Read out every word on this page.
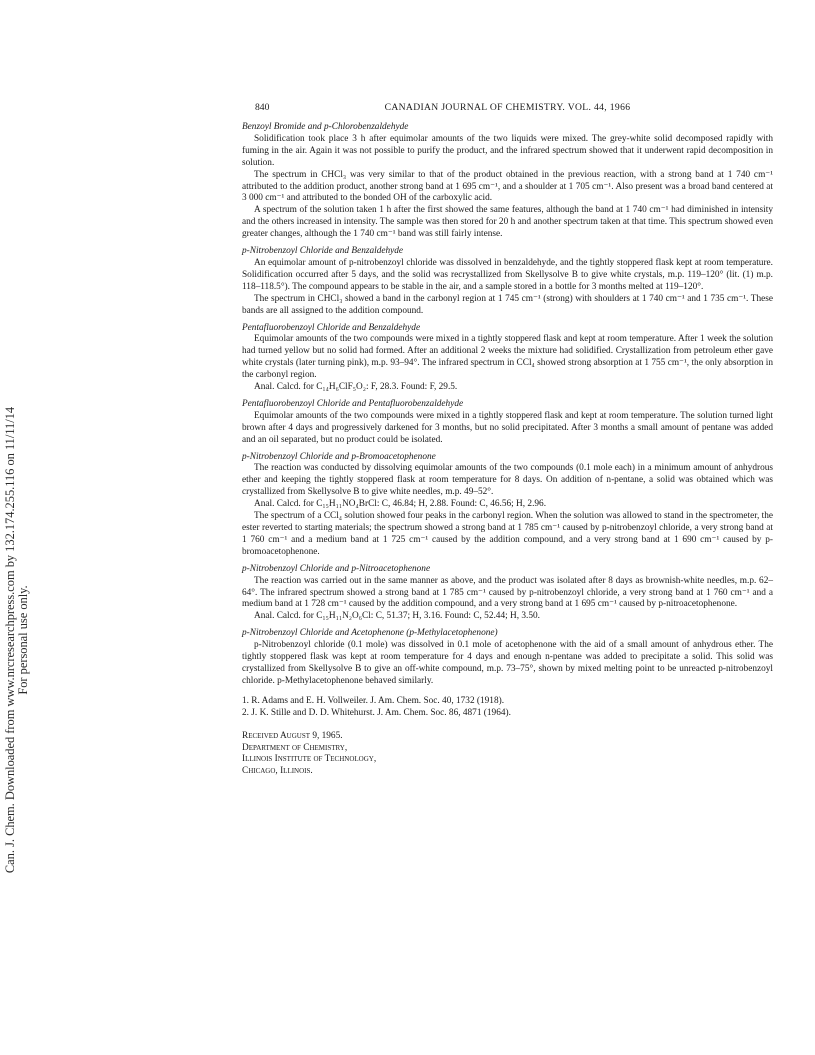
Can. J. Chem. Downloaded from www.nrcresearchpress.com by 132.174.255.116 on 11/11/14 For personal use only.
840	CANADIAN JOURNAL OF CHEMISTRY. VOL. 44, 1966
Benzoyl Bromide and p-Chlorobenzaldehyde
Solidification took place 3 h after equimolar amounts of the two liquids were mixed. The grey-white solid decomposed rapidly with fuming in the air. Again it was not possible to purify the product, and the infrared spectrum showed that it underwent rapid decomposition in solution.
The spectrum in CHCl₃ was very similar to that of the product obtained in the previous reaction, with a strong band at 1 740 cm⁻¹ attributed to the addition product, another strong band at 1 695 cm⁻¹, and a shoulder at 1 705 cm⁻¹. Also present was a broad band centered at 3 000 cm⁻¹ and attributed to the bonded OH of the carboxylic acid.
A spectrum of the solution taken 1 h after the first showed the same features, although the band at 1 740 cm⁻¹ had diminished in intensity and the others increased in intensity. The sample was then stored for 20 h and another spectrum taken at that time. This spectrum showed even greater changes, although the 1 740 cm⁻¹ band was still fairly intense.
p-Nitrobenzoyl Chloride and Benzaldehyde
An equimolar amount of p-nitrobenzoyl chloride was dissolved in benzaldehyde, and the tightly stoppered flask kept at room temperature. Solidification occurred after 5 days, and the solid was recrystallized from Skellysolve B to give white crystals, m.p. 119–120° (lit. (1) m.p. 118–118.5°). The compound appears to be stable in the air, and a sample stored in a bottle for 3 months melted at 119–120°.
The spectrum in CHCl₃ showed a band in the carbonyl region at 1 745 cm⁻¹ (strong) with shoulders at 1 740 cm⁻¹ and 1 735 cm⁻¹. These bands are all assigned to the addition compound.
Pentafluorobenzoyl Chloride and Benzaldehyde
Equimolar amounts of the two compounds were mixed in a tightly stoppered flask and kept at room temperature. After 1 week the solution had turned yellow but no solid had formed. After an additional 2 weeks the mixture had solidified. Crystallization from petroleum ether gave white crystals (later turning pink), m.p. 93–94°. The infrared spectrum in CCl₄ showed strong absorption at 1 755 cm⁻¹, the only absorption in the carbonyl region.
Anal. Calcd. for C₁₄H₆ClF₅O₂: F, 28.3. Found: F, 29.5.
Pentafluorobenzoyl Chloride and Pentafluorobenzaldehyde
Equimolar amounts of the two compounds were mixed in a tightly stoppered flask and kept at room temperature. The solution turned light brown after 4 days and progressively darkened for 3 months, but no solid precipitated. After 3 months a small amount of pentane was added and an oil separated, but no product could be isolated.
p-Nitrobenzoyl Chloride and p-Bromoacetophenone
The reaction was conducted by dissolving equimolar amounts of the two compounds (0.1 mole each) in a minimum amount of anhydrous ether and keeping the tightly stoppered flask at room temperature for 8 days. On addition of n-pentane, a solid was obtained which was crystallized from Skellysolve B to give white needles, m.p. 49–52°.
Anal. Calcd. for C₁₅H₁₁NO₄BrCl: C, 46.84; H, 2.88. Found: C, 46.56; H, 2.96.
The spectrum of a CCl₄ solution showed four peaks in the carbonyl region. When the solution was allowed to stand in the spectrometer, the ester reverted to starting materials; the spectrum showed a strong band at 1 785 cm⁻¹ caused by p-nitrobenzoyl chloride, a very strong band at 1 760 cm⁻¹ and a medium band at 1 725 cm⁻¹ caused by the addition compound, and a very strong band at 1 690 cm⁻¹ caused by p-bromoacetophenone.
p-Nitrobenzoyl Chloride and p-Nitroacetophenone
The reaction was carried out in the same manner as above, and the product was isolated after 8 days as brownish-white needles, m.p. 62–64°. The infrared spectrum showed a strong band at 1 785 cm⁻¹ caused by p-nitrobenzoyl chloride, a very strong band at 1 760 cm⁻¹ and a medium band at 1 728 cm⁻¹ caused by the addition compound, and a very strong band at 1 695 cm⁻¹ caused by p-nitroacetophenone.
Anal. Calcd. for C₁₅H₁₁N₂O₆Cl: C, 51.37; H, 3.16. Found: C, 52.44; H, 3.50.
p-Nitrobenzoyl Chloride and Acetophenone (p-Methylacetophenone)
p-Nitrobenzoyl chloride (0.1 mole) was dissolved in 0.1 mole of acetophenone with the aid of a small amount of anhydrous ether. The tightly stoppered flask was kept at room temperature for 4 days and enough n-pentane was added to precipitate a solid. This solid was crystallized from Skellysolve B to give an off-white compound, m.p. 73–75°, shown by mixed melting point to be unreacted p-nitrobenzoyl chloride. p-Methylacetophenone behaved similarly.
1. R. Adams and E. H. Vollweiler. J. Am. Chem. Soc. 40, 1732 (1918).
2. J. K. Stille and D. D. Whitehurst. J. Am. Chem. Soc. 86, 4871 (1964).
Received August 9, 1965.
Department of Chemistry,
Illinois Institute of Technology,
Chicago, Illinois.
